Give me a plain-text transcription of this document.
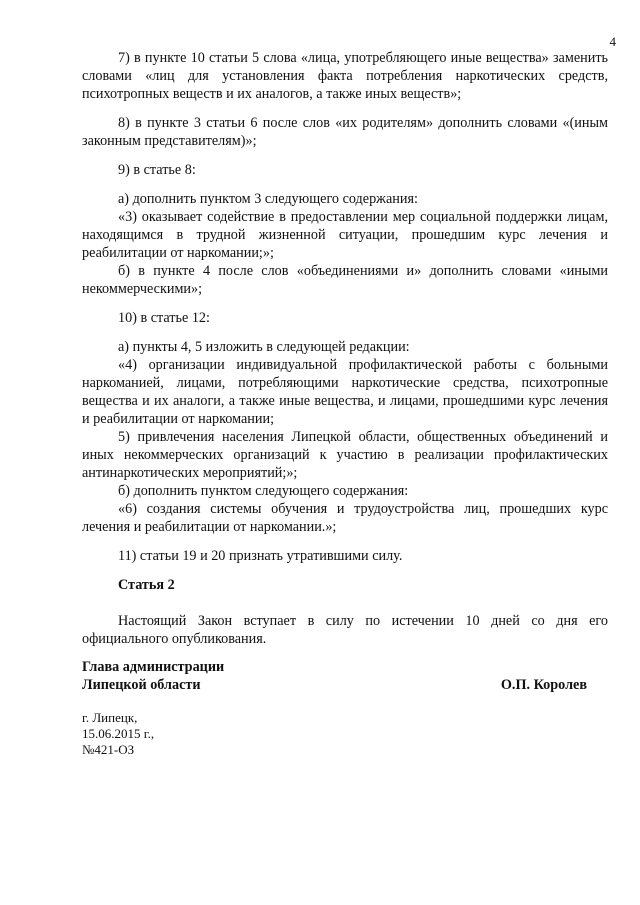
4

7) в пункте 10 статьи 5 слова «лица, употребляющего иные вещества» заменить словами «лиц для установления факта потребления наркотических средств, психотропных веществ и их аналогов, а также иных веществ»;

8) в пункте 3 статьи 6 после слов «их родителям» дополнить словами «(иным законным представителям)»;

9) в статье 8:

а) дополнить пунктом 3 следующего содержания:

«3) оказывает содействие в предоставлении мер социальной поддержки лицам, находящимся в трудной жизненной ситуации, прошедшим курс лечения и реабилитации от наркомании;»;

б) в пункте 4 после слов «объединениями и» дополнить словами «иными некоммерческими»;

10) в статье 12:

а) пункты 4, 5 изложить в следующей редакции:

«4) организации индивидуальной профилактической работы с больными наркоманией, лицами, потребляющими наркотические средства, психотропные вещества и их аналоги, а также иные вещества, и лицами, прошедшими курс лечения и реабилитации от наркомании;

5) привлечения населения Липецкой области, общественных объединений и иных некоммерческих организаций к участию в реализации профилактических антинаркотических мероприятий;»;

б) дополнить пунктом следующего содержания:

«6) создания системы обучения и трудоустройства лиц, прошедших курс лечения и реабилитации от наркомании.»;

11) статьи 19 и 20 признать утратившими силу.

Статья 2

Настоящий Закон вступает в силу по истечении 10 дней со дня его официального опубликования.

Глава администрации
Липецкой области	О.П. Королев
г. Липецк,
15.06.2015 г.,
№421-ОЗ
